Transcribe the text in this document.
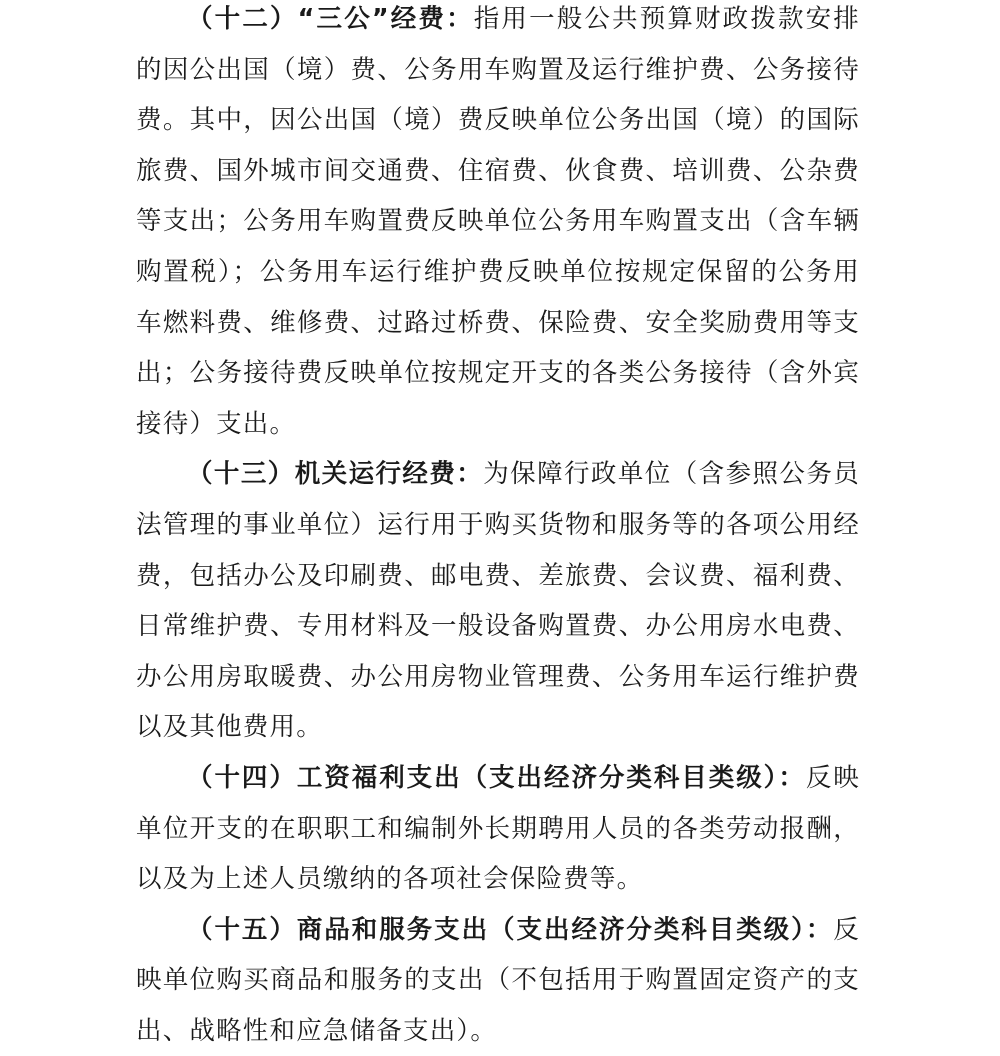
（十二）“三公”经费：指用一般公共预算财政拨款安排的因公出国（境）费、公务用车购置及运行维护费、公务接待费。其中，因公出国（境）费反映单位公务出国（境）的国际旅费、国外城市间交通费、住宿费、伙食费、培训费、公杂费等支出；公务用车购置费反映单位公务用车购置支出（含车辆购置税）；公务用车运行维护费反映单位按规定保留的公务用车燃料费、维修费、过路过桥费、保险费、安全奖励费用等支出；公务接待费反映单位按规定开支的各类公务接待（含外宾接待）支出。

（十三）机关运行经费：为保障行政单位（含参照公务员法管理的事业单位）运行用于购买货物和服务等的各项公用经费，包括办公及印刷费、邮电费、差旅费、会议费、福利费、日常维护费、专用材料及一般设备购置费、办公用房水电费、办公用房取暖费、办公用房物业管理费、公务用车运行维护费以及其他费用。

（十四）工资福利支出（支出经济分类科目类级）：反映单位开支的在职职工和编制外长期聘用人员的各类劳动报酬，以及为上述人员缴纳的各项社会保险费等。

（十五）商品和服务支出（支出经济分类科目类级）：反映单位购买商品和服务的支出（不包括用于购置固定资产的支出、战略性和应急储备支出）。
